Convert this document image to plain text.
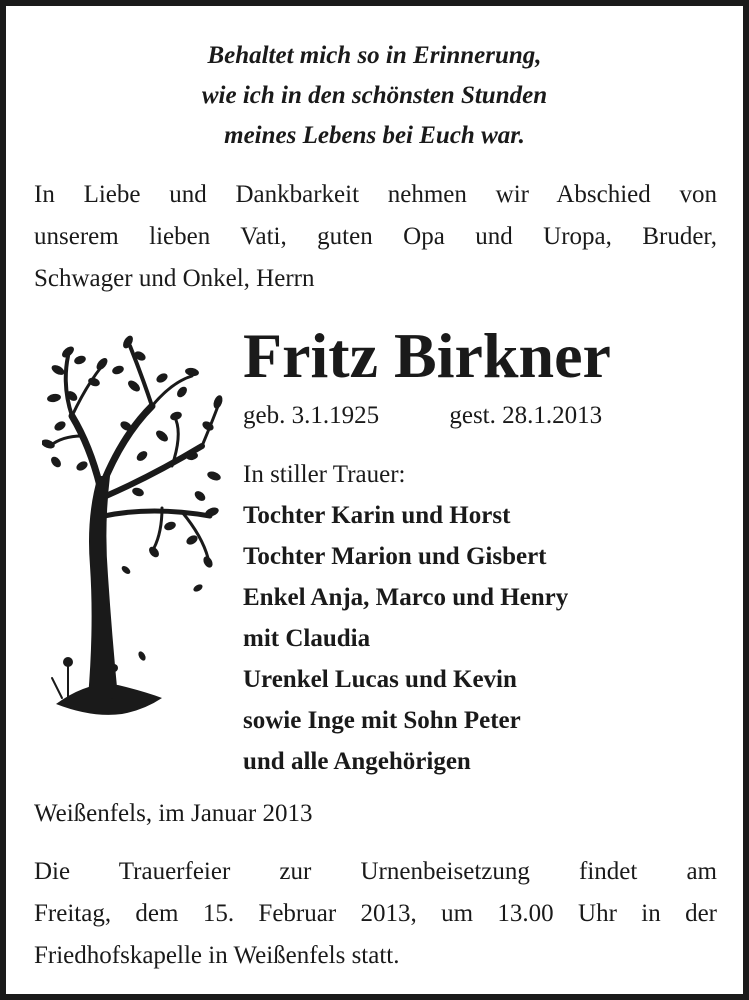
Behaltet mich so in Erinnerung,
wie ich in den schönsten Stunden
meines Lebens bei Euch war.
In Liebe und Dankbarkeit nehmen wir Abschied von
unserem lieben Vati, guten Opa und Uropa, Bruder,
Schwager und Onkel, Herrn
Fritz Birkner
geb. 3.1.1925	gest. 28.1.2013
In stiller Trauer:
Tochter Karin und Horst
Tochter Marion und Gisbert
Enkel Anja, Marco und Henry
mit Claudia
Urenkel Lucas und Kevin
sowie Inge mit Sohn Peter
und alle Angehörigen
Weißenfels, im Januar 2013
Die Trauerfeier zur Urnenbeisetzung findet am
Freitag, dem 15. Februar 2013, um 13.00 Uhr in der
Friedhofskapelle in Weißenfels statt.
